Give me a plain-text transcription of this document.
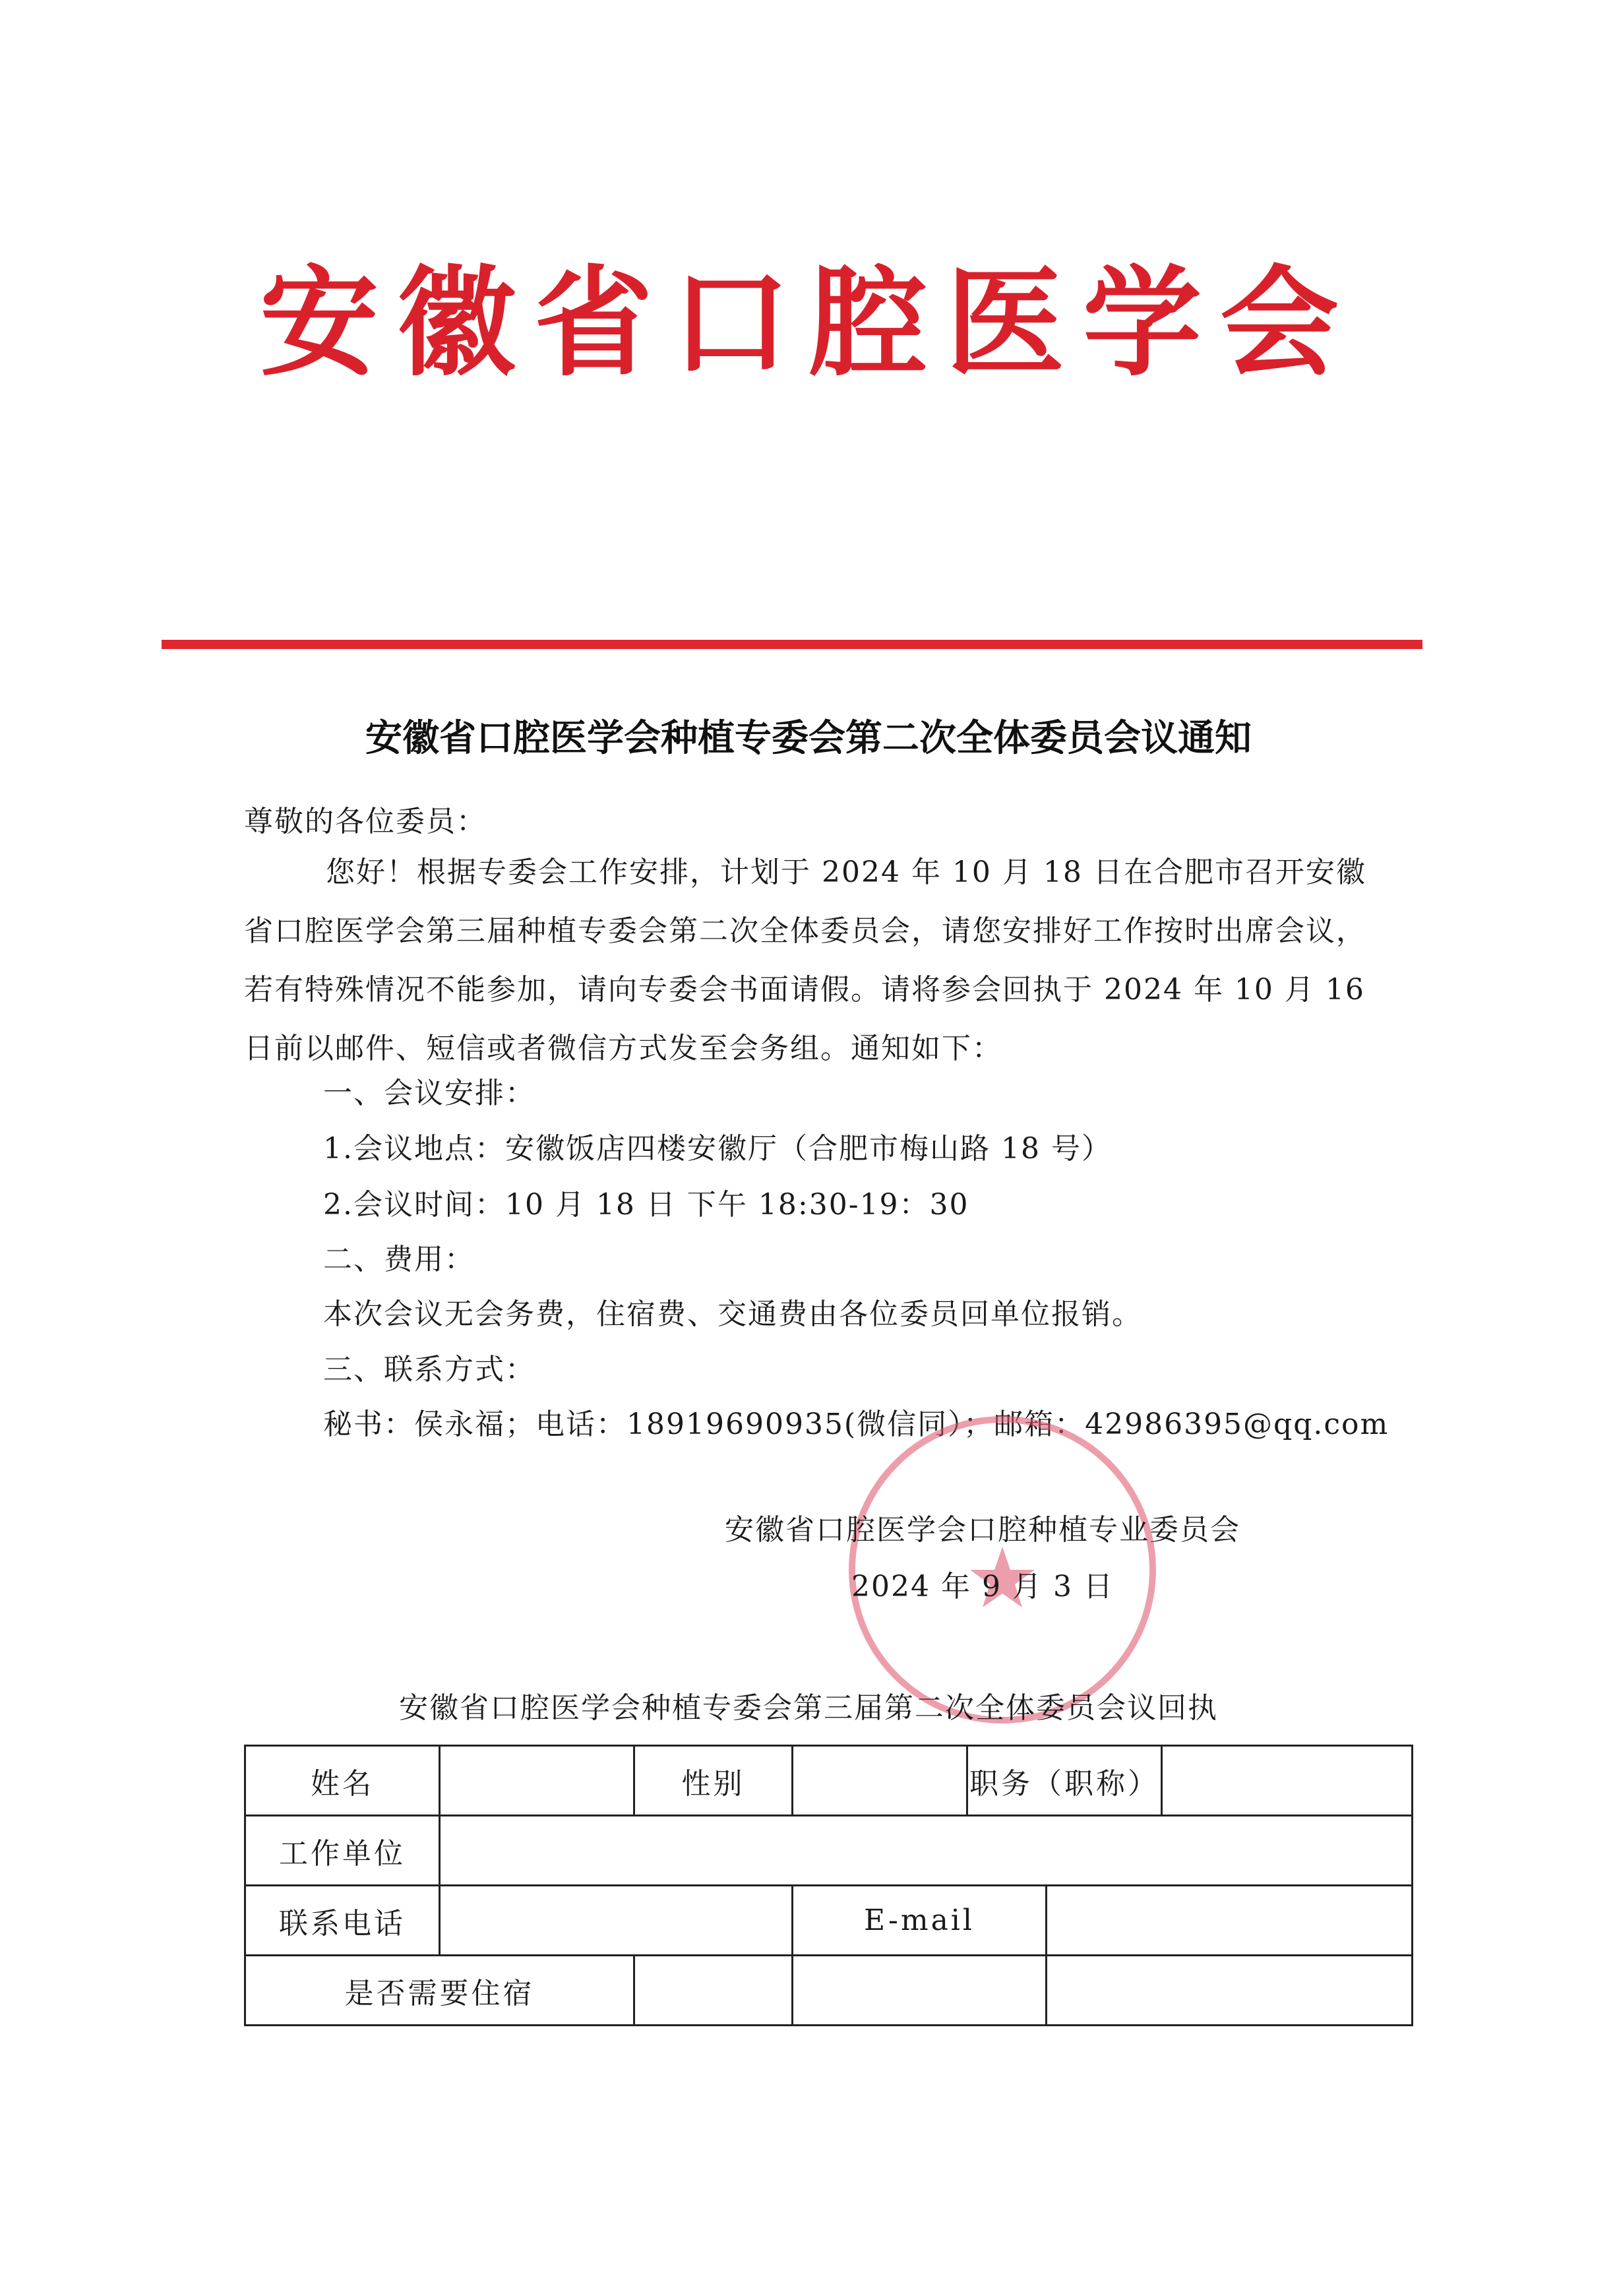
安徽省口腔医学会
安徽省口腔医学会种植专委会第二次全体委员会议通知
尊敬的各位委员：
您好！根据专委会工作安排，计划于 2024 年 10 月 18 日在合肥市召开安徽省口腔医学会第三届种植专委会第二次全体委员会，请您安排好工作按时出席会议，若有特殊情况不能参加，请向专委会书面请假。请将参会回执于 2024 年 10 月 16 日前以邮件、短信或者微信方式发至会务组。通知如下：
一、会议安排：
1.会议地点：安徽饭店四楼安徽厅（合肥市梅山路 18 号）
2.会议时间：10 月 18 日 下午 18:30-19：30
二、费用：
本次会议无会务费，住宿费、交通费由各位委员回单位报销。
三、联系方式：
秘书：侯永福；电话：18919690935(微信同）；邮箱：42986395@qq.com
安徽省口腔医学会口腔种植专业委员会
2024 年 9 月 3 日
安徽省口腔医学会种植专委会第三届第二次全体委员会议回执
姓名		性别		职务（职称）		
工作单位						
联系电话			E-mail			
是否需要住宿						
